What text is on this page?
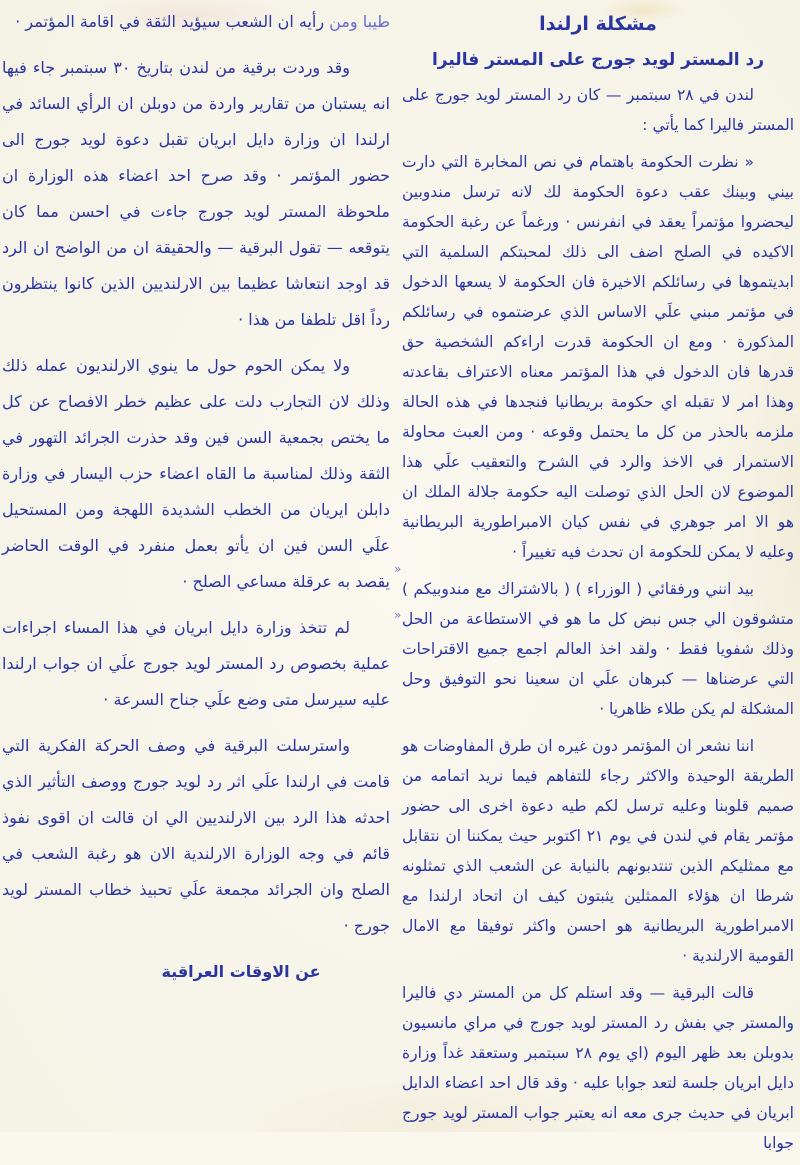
مشكلة ارلندا
رد المستر لويد جورج على المستر فاليرا

لندن في ٢٨ سبتمبر — كان رد المستر لويد جورج على المستر فاليرا كما يأتي :

« نظرت الحكومة باهتمام في نص المخابرة التي دارت بيني وبينك عقب دعوة الحكومة لك لانه ترسل مندوبين ليحضروا مؤتمراً يعقد في انفرنس · ورغماً عن رغبة الحكومة الاكيده في الصلح اضف الى ذلك لمحبتكم السلمية التي ابديتموها في رسائلكم الاخيرة فان الحكومة لا يسعها الدخول في مؤتمر مبني علَي الاساس الذي عرضتموه في رسائلكم المذكورة · ومع ان الحكومة قدرت اراءكم الشخصية حق قدرها فان الدخول في هذا المؤتمر معناه الاعتراف بقاعدته وهذا امر لا تقبله اي حكومة بريطانيا فنجدها في هذه الحالة ملزمه بالحذر من كل ما يحتمل وقوعه · ومن العبث محاولة الاستمرار في الاخذ والرد في الشرح والتعقيب علَي هذا الموضوع لان الحل الذي توصلت اليه حكومة جلالة الملك ان هو الا امر جوهري في نفس كيان الامبراطورية البريطانية وعليه لا يمكن للحكومة ان تحدث فيه تغييراً ·

بيد انني ورفقائي ( الوزراء ) ( بالاشتراك مع مندوبيكم ) متشوقون الي جس نبض كل ما هو في الاستطاعة من الحل وذلك شفويا فقط · ولقد اخذ العالم اجمع جميع الاقتراحات التي عرضناها — كبرهان علَي ان سعينا نحو التوفيق وحل المشكلة لم يكن طلاء ظاهريا ·

اننا نشعر ان المؤتمر دون غيره ان طرق المفاوضات هو الطريقة الوحيدة والاكثر رجاء للتفاهم فيما نريد اتمامه من صميم قلوبنا وعليه ترسل لكم طيه دعوة اخرى الى حضور مؤتمر يقام في لندن في يوم ٢١ اكتوبر حيث يمكننا ان نتقابل مع ممثليكم الذين تنتدبونهم بالنيابة عن الشعب الذي تمثلونه شرطا ان هؤلاء الممثلين يثبتون كيف ان اتحاد ارلندا مع الامبراطورية البريطانية هو احسن واكثر توفيقا مع الامال القومية الارلندية ·

قالت البرقية — وقد استلم كل من المستر دي فاليرا والمستر جي بفش رد المستر لويد جورج في مراي مانسيون بدوبلن بعد ظهر اليوم (اي يوم ٢٨ سبتمبر وستعقد غداً وزارة دايل ابريان جلسة لتعد جوابا عليه · وقد قال احد اعضاء الدايل ابريان في حديث جرى معه انه يعتبر جواب المستر لويد جورج جوابا

طيبا ومن رأيه ان الشعب سيؤيد الثقة في اقامة المؤتمر ·

وقد وردت برقية من لندن بتاريخ ٣٠ سبتمبر جاء فيها انه يستبان من تقارير واردة من دوبلن ان الرأي السائد في ارلندا ان وزارة دايل ابريان تقبل دعوة لويد جورج الى حضور المؤتمر · وقد صرح احد اعضاء هذه الوزارة ان ملحوظة المستر لويد جورج جاءت في احسن مما كان يتوقعه — تقول البرقية — والحقيقة ان من الواضح ان الرد قد اوجد انتعاشا عظيما بين الارلنديين الذين كانوا ينتظرون رداً اقل تلطفا من هذا ·

ولا يمكن الحوم حول ما ينوي الارلنديون عمله ذلك وذلك لان التجارب دلت على عظيم خطر الافصاح عن كل ما يختص بجمعية السن فين وقد حذرت الجرائد التهور في الثقة وذلك لمناسبة ما القاه اعضاء حزب اليسار في وزارة دابلن ايريان من الخطب الشديدة اللهجة ومن المستحيل علَي السن فين ان يأتو بعمل منفرد في الوقت الحاضر يقصد به عرقلة مساعي الصلح ·

لم تتخذ وزارة دايل ابريان في هذا المساء اجراءات عملية بخصوص رد المستر لويد جورج علَي ان جواب ارلندا عليه سيرسل متى وضع علَي جناح السرعة ·

واسترسلت البرقية في وصف الحركة الفكرية التي قامت في ارلندا علَي اثر رد لويد جورج ووصف التأثير الذي احدثه هذا الرد بين الارلنديين الي ان قالت ان اقوى نفوذ قائم في وجه الوزارة الارلندية الان هو رغبة الشعب في الصلح وان الجرائد مجمعة علَي تحبيذ خطاب المستر لويد جورج ·

عن الاوقات العراقية

«
«
